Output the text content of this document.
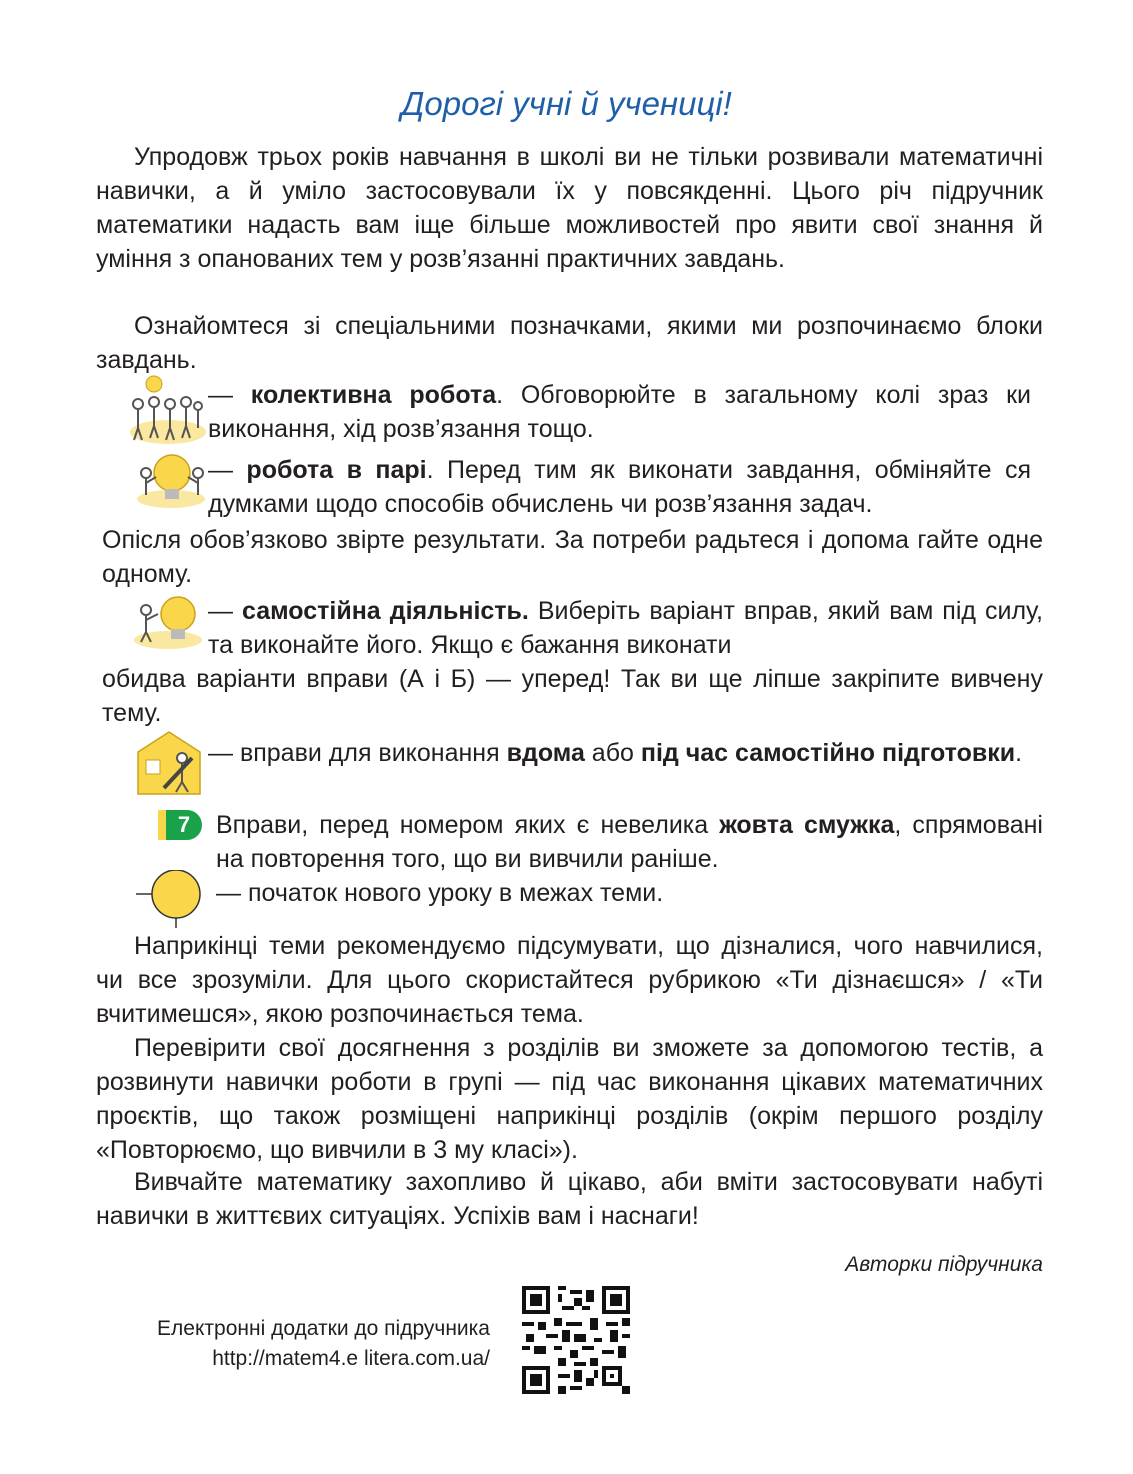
Дорогі учні й учениці!

Упродовж трьох років навчання в школі ви не тільки розвивали математичні навички, а й уміло застосовували їх у повсякденні. Цього річ підручник математики надасть вам іще більше можливостей про явити свої знання й уміння з опанованих тем у розв’язанні практичних завдань.

Ознайомтеся зі спеціальними позначками, якими ми розпочинаємо блоки завдань.

— колективна робота. Обговорюйте в загальному колі зраз ки виконання, хід розв’язання тощо.

— робота в парі. Перед тим як виконати завдання, обміняйте ся думками щодо способів обчислень чи розв’язання задач.

Опісля обов’язково звірте результати. За потреби радьтеся і допома гайте одне одному.

— самостійна діяльність. Виберіть варіант вправ, який вам під силу, та виконайте його. Якщо є бажання виконати

обидва варіанти вправи (А і Б) — уперед! Так ви ще ліпше закріпите вивчену тему.

— вправи для виконання вдома або під час самостійно підготовки.

7	Вправи, перед номером яких є невелика жовта смужка, спрямовані на повторення того, що ви вивчили раніше.

— початок нового уроку в межах теми.

Наприкінці теми рекомендуємо підсумувати, що дізналися, чого навчилися, чи все зрозуміли. Для цього скористайтеся рубрикою «Ти дізнаєшся» / «Ти вчитимешся», якою розпочинається тема.

Перевірити свої досягнення з розділів ви зможете за допомогою тестів, а розвинути навички роботи в групі — під час виконання цікавих математичних проєктів, що також розміщені наприкінці розділів (окрім першого розділу «Повторюємо, що вивчили в 3 му класі»).

Вивчайте математику захопливо й цікаво, аби вміти застосовувати набуті навички в життєвих ситуаціях. Успіхів вам і наснаги!

Авторки підручника

Електронні додатки до підручника
http://matem4.e litera.com.ua/
